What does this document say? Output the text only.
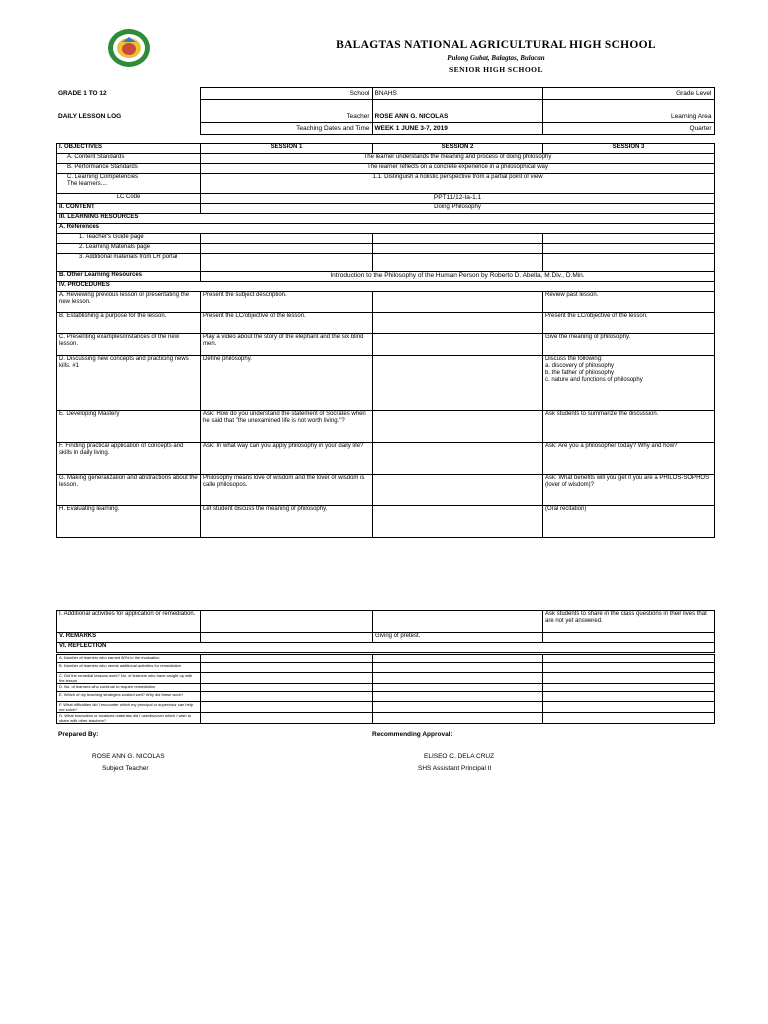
BALAGTAS NATIONAL AGRICULTURAL HIGH SCHOOL
Pulong Gubat, Balagtas, Bulacan
SENIOR HIGH SCHOOL
GRADE 1 TO 12	School	BNAHS	Grade Level

DAILY LESSON LOG	Teacher	ROSE ANN G. NICOLAS	Learning Area
	Teaching Dates and Time	WEEK 1 JUNE 3-7, 2019	Quarter
I. OBJECTIVES	SESSION 1	SESSION 2	SESSION 3
A. Content Standards	The learner understands the meaning and process of doing philosophy		
B. Performance Standards	The learner reflects on a concrete experience in a philosophical way		
C. Learning Competencies
The learners....	1.1. Distinguish a holistic perspective from a partial point of view		
LC Code	PPT11/12-Ia-1.1		
II. CONTENT	Doing Philosophy		
III. LEARNING RESOURCES			
A. References			
1. Teacher's Guide page			
2. Learning Materials page			
3. Additional materials from LR portal			
B. Other Learning Resources	Introduction to the Philosophy of the Human Person by Roberto D. Abella, M.Div., D.Min.		
IV. PROCEDURES			
A. Reviewing previous lesson or presentating the new lesson.	Present the subject description.		Review past lesson.
B. Establishing a purpose for the lesson.	Present the LC/objective of the lesson.		Present the LC/objective of the lesson.
C. Presenting examples/instances of the new lesson.	Play a video about the story of the elephant and the six blind men.		Give the meaning of philosophy.
D. Discussing new concepts and practicing news kills. #1	Define philosophy.		Discuss the following:
a. discovery of philosophy
b. the father of philosophy
c. nature and functions of philosophy
E. Developing Mastery	Ask: How do you understand the statement of Socrates when he said that "the unexamined life is not worth living."?		Ask students to summarize the discussion.
F. Finding practical application of concepts and skills in daily living.	Ask: In what way can you apply philosophy in your daily life?		Ask: Are you a philosopher today? Why and how?
G. Making generalization and abstractions about the lesson.	Philosophy means love of wisdom and the lover of wisdom is calle philosopos.		Ask: What benefits will you get if you are a PHILOS-SOPHOS (lover of wisdom)?
H. Evaluating learning.	Let student discuss the meaning of philosophy.		(Oral recitation)
I. Additional activities for application or remediation.			Ask students to share in the class questions in their lives that are not yet answered.
V. REMARKS		Giving of pretest.	
VI. REFLECTION			
A. Number of learners who earned 80% in the evaluation			
B. Number of learners who needs additional activities for remediation			
C. Did the remedial lessons work? No. of learners who have caught up with the lesson.			
D. No. of learners who continue to require remediation			
E. Which of my teaching strategies worked well? Why did these work?			
F. What difficulties did I encounter which my principal or supervisor can help me solve?			
G. What innovation or localized materials did I use/discover which I wish to share with other teachers?			
Prepared By:	Recommending Approval:
ROSE ANN G. NICOLAS
Subject Teacher
ELISEO C. DELA CRUZ
SHS Assistant Principal II
